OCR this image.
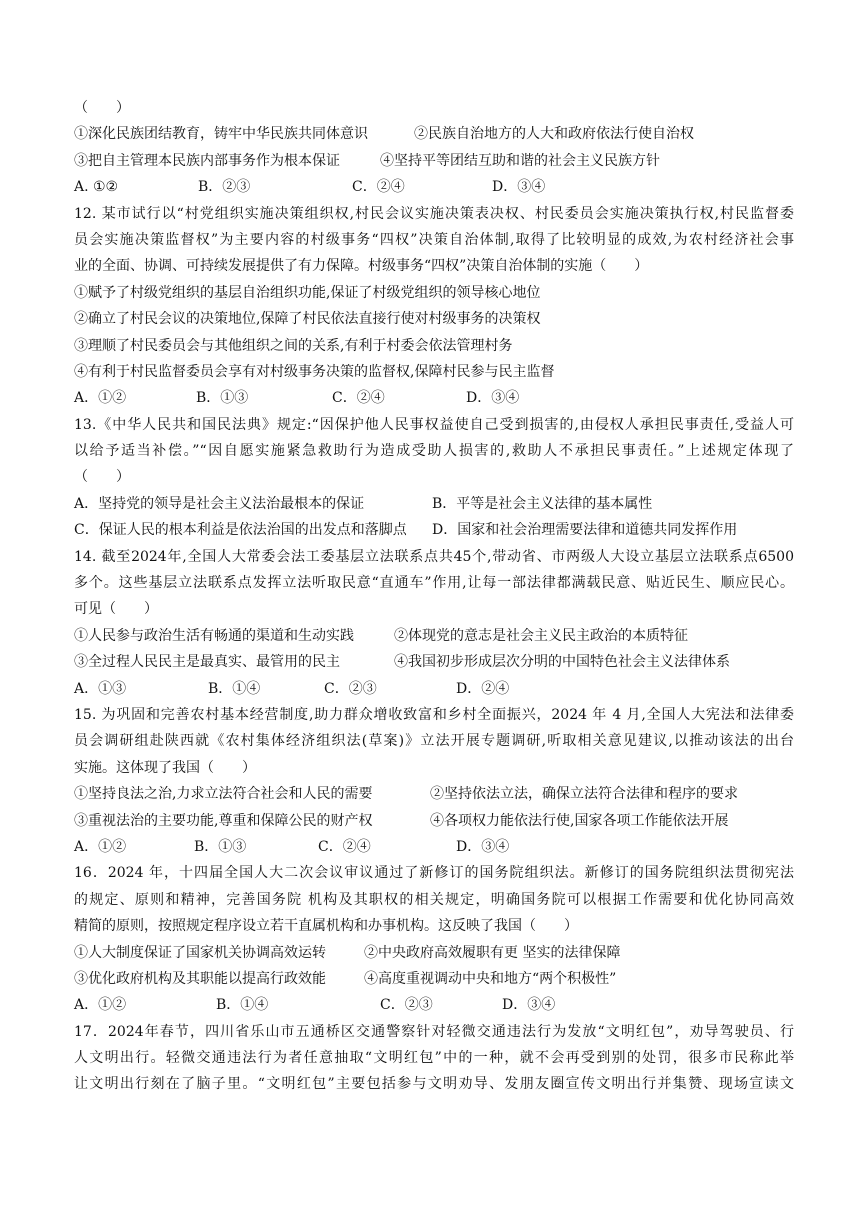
（　　）
①深化民族团结教育，铸牢中华民族共同体意识	②民族自治地方的人大和政府依法行使自治权
③把自主管理本民族内部事务作为根本保证	④坚持平等团结互助和谐的社会主义民族方针
A. ①②	B．②③	C．②④	D．③④
12. 某市试行以“村党组织实施决策组织权,村民会议实施决策表决权、村民委员会实施决策执行权,村民监督委
员会实施决策监督权”为主要内容的村级事务“四权”决策自治体制,取得了比较明显的成效,为农村经济社会事
业的全面、协调、可持续发展提供了有力保障。村级事务“四权”决策自治体制的实施（　　）
①赋予了村级党组织的基层自治组织功能,保证了村级党组织的领导核心地位
②确立了村民会议的决策地位,保障了村民依法直接行使对村级事务的决策权
③理顺了村民委员会与其他组织之间的关系,有利于村委会依法管理村务
④有利于村民监督委员会享有对村级事务决策的监督权,保障村民参与民主监督
A．①②	B．①③	C．②④	D．③④
13.《中华人民共和国民法典》规定:“因保护他人民事权益使自己受到损害的,由侵权人承担民事责任,受益人可
以给予适当补偿。”“因自愿实施紧急救助行为造成受助人损害的,救助人不承担民事责任。”上述规定体现了
（　　）
A．坚持党的领导是社会主义法治最根本的保证	B．平等是社会主义法律的基本属性
C．保证人民的根本利益是依法治国的出发点和落脚点	D．国家和社会治理需要法律和道德共同发挥作用
14. 截至2024年,全国人大常委会法工委基层立法联系点共45个,带动省、市两级人大设立基层立法联系点6500
多个。这些基层立法联系点发挥立法听取民意“直通车”作用,让每一部法律都满载民意、贴近民生、顺应民心。
可见（　　）
①人民参与政治生活有畅通的渠道和生动实践	②体现党的意志是社会主义民主政治的本质特征
③全过程人民民主是最真实、最管用的民主	④我国初步形成层次分明的中国特色社会主义法律体系
A．①③	B．①④	C．②③	D．②④
15. 为巩固和完善农村基本经营制度,助力群众增收致富和乡村全面振兴，2024 年 4 月,全国人大宪法和法律委
员会调研组赴陕西就《农村集体经济组织法(草案)》立法开展专题调研,听取相关意见建议,以推动该法的出台
实施。这体现了我国（　　）
①坚持良法之治,力求立法符合社会和人民的需要	②坚持依法立法，确保立法符合法律和程序的要求
③重视法治的主要功能,尊重和保障公民的财产权	④各项权力能依法行使,国家各项工作能依法开展
A．①②	B．①③	C．②④	D．③④
16．2024 年，十四届全国人大二次会议审议通过了新修订的国务院组织法。新修订的国务院组织法贯彻宪法
的规定、原则和精神，完善国务院 机构及其职权的相关规定，明确国务院可以根据工作需要和优化协同高效
精简的原则，按照规定程序设立若干直属机构和办事机构。这反映了我国（　　）
①人大制度保证了国家机关协调高效运转	②中央政府高效履职有更 坚实的法律保障
③优化政府机构及其职能以提高行政效能	④高度重视调动中央和地方“两个积极性”
A．①②	B．①④	C．②③	D．③④
17．2024年春节，四川省乐山市五通桥区交通警察针对轻微交通违法行为发放“文明红包”，劝导驾驶员、行
人文明出行。轻微交通违法行为者任意抽取“文明红包”中的一种，就不会再受到别的处罚，很多市民称此举
让文明出行刻在了脑子里。“文明红包”主要包括参与文明劝导、发朋友圈宣传文明出行并集赞、现场宣读文
